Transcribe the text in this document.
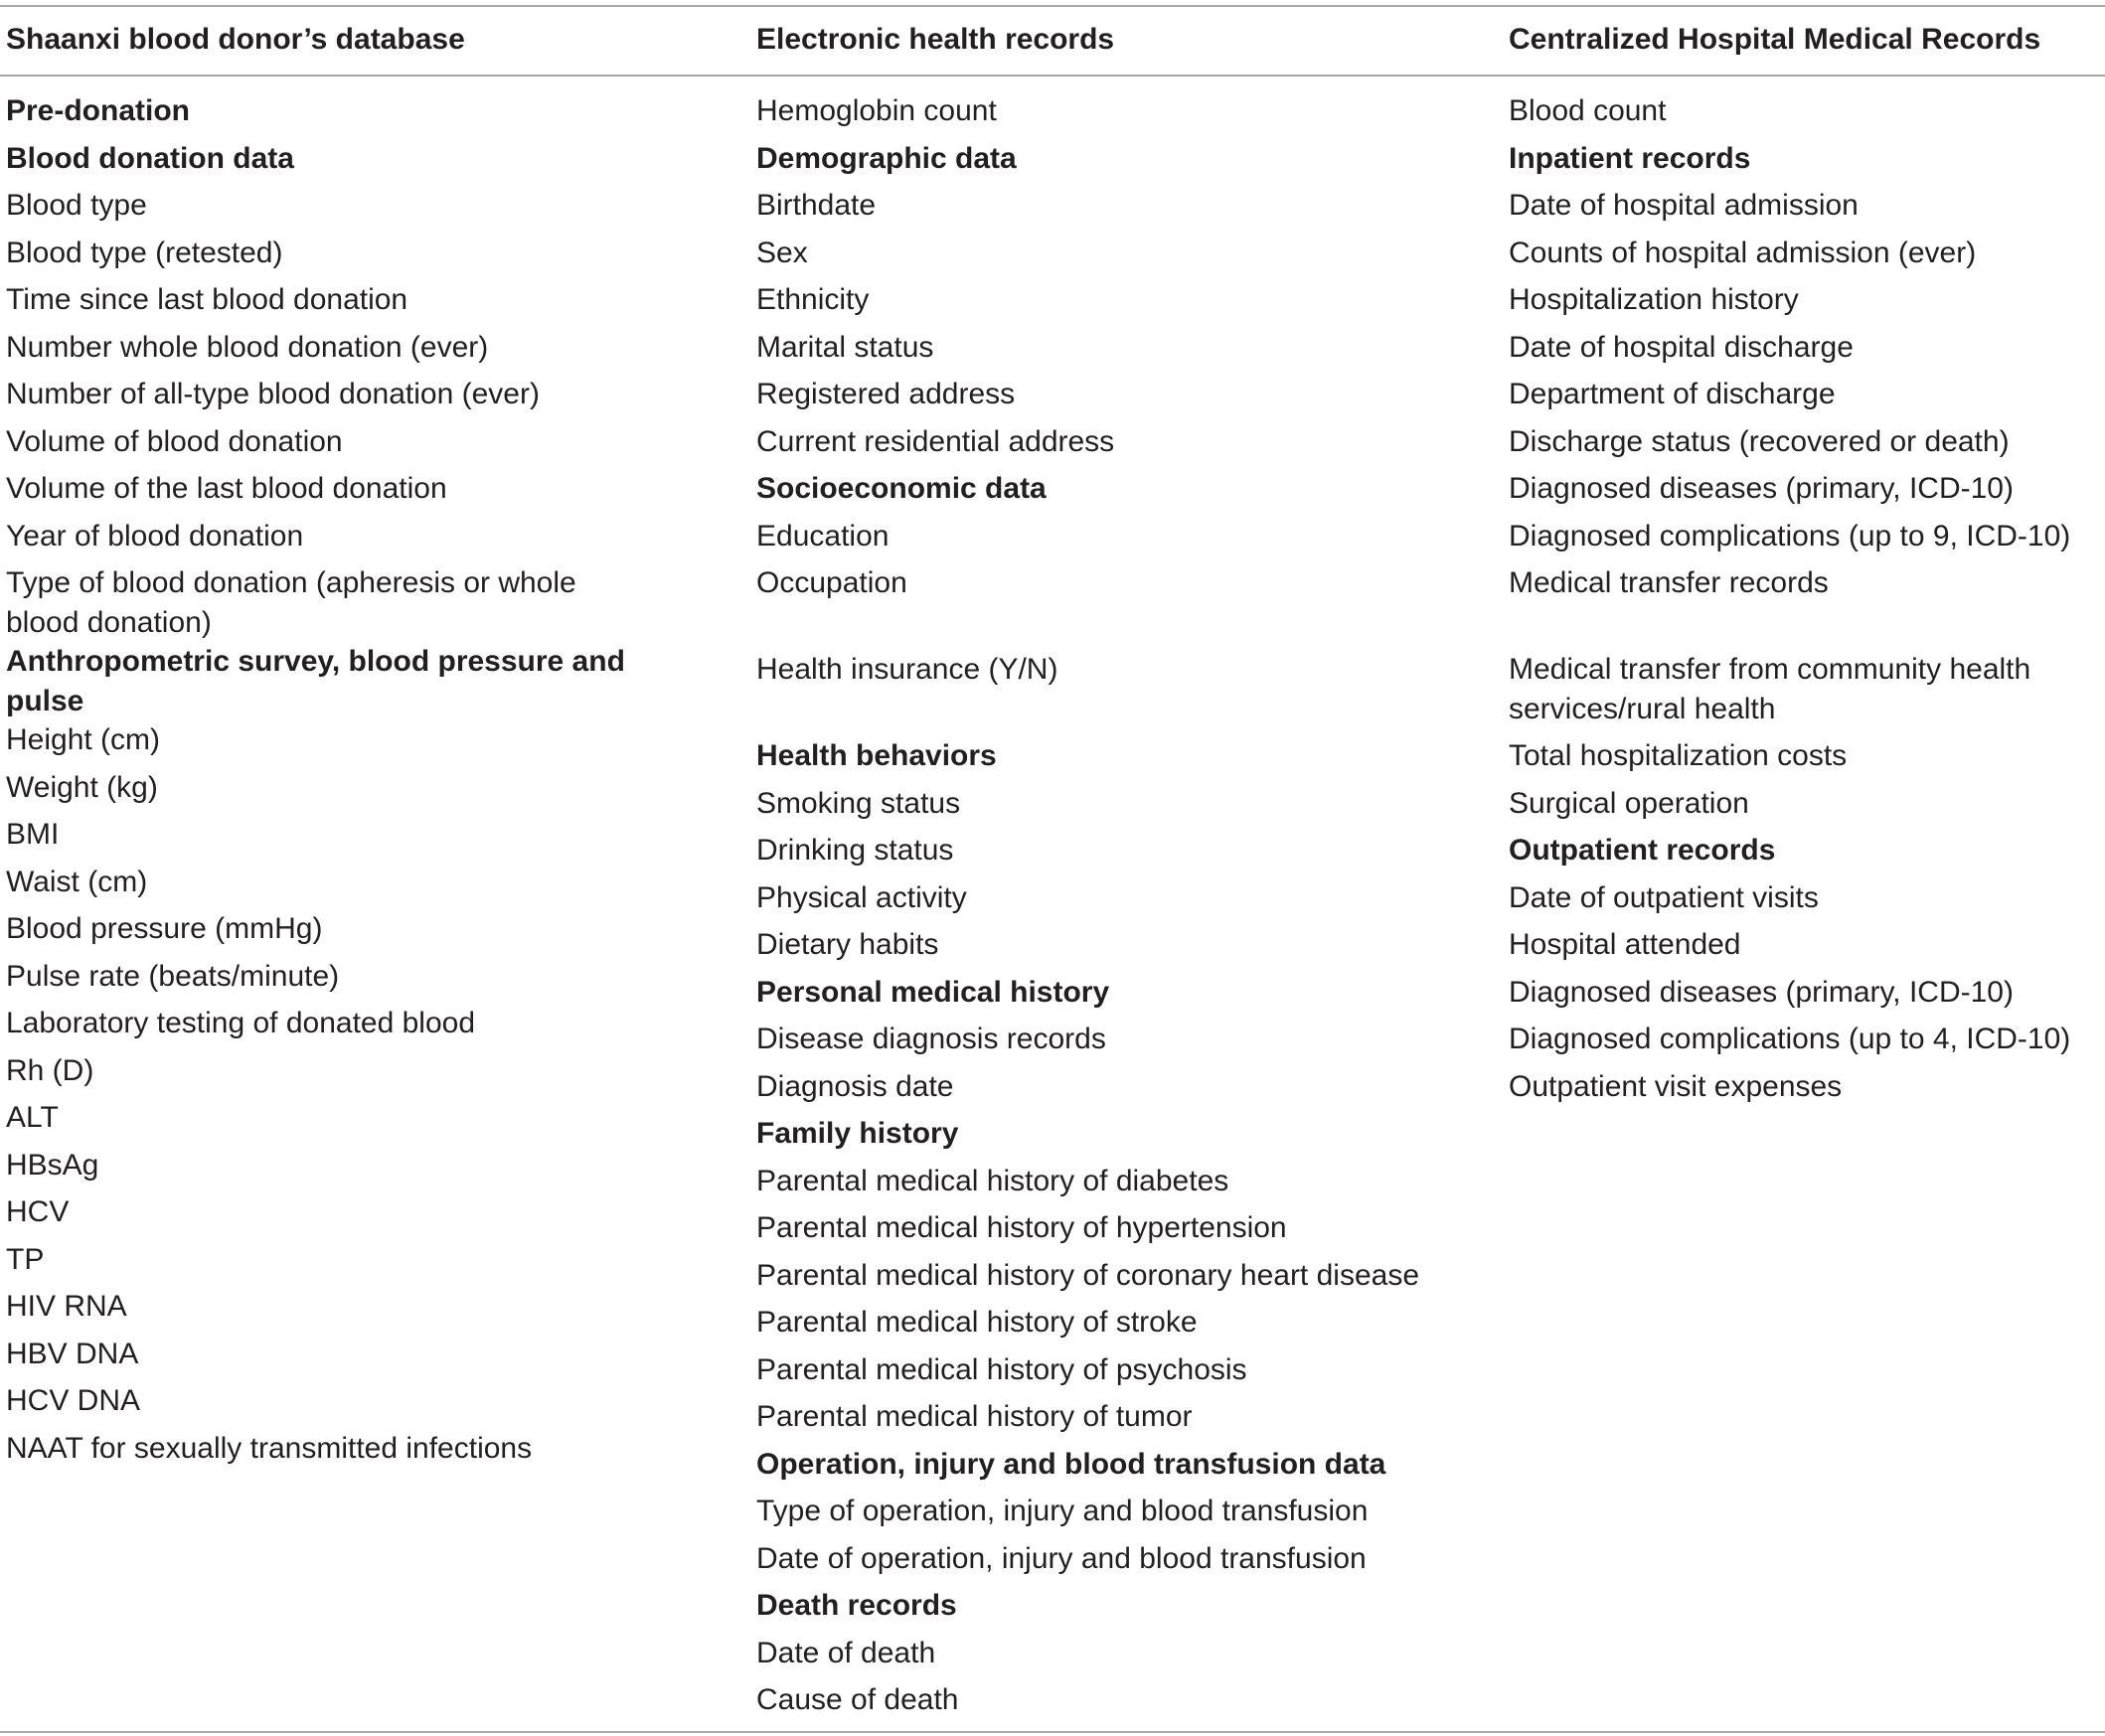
Shaanxi blood donor’s database
Pre-donation
Blood donation data
Blood type
Blood type (retested)
Time since last blood donation
Number whole blood donation (ever)
Number of all-type blood donation (ever)
Volume of blood donation
Volume of the last blood donation
Year of blood donation
Type of blood donation (apheresis or whole blood donation)
Anthropometric survey, blood pressure and pulse
Height (cm)
Weight (kg)
BMI
Waist (cm)
Blood pressure (mmHg)
Pulse rate (beats/minute)
Laboratory testing of donated blood
Rh (D)
ALT
HBsAg
HCV
TP
HIV RNA
HBV DNA
HCV DNA
NAAT for sexually transmitted infections
Electronic health records
Hemoglobin count
Demographic data
Birthdate
Sex
Ethnicity
Marital status
Registered address
Current residential address
Socioeconomic data
Education
Occupation
Health insurance (Y/N)
Health behaviors
Smoking status
Drinking status
Physical activity
Dietary habits
Personal medical history
Disease diagnosis records
Diagnosis date
Family history
Parental medical history of diabetes
Parental medical history of hypertension
Parental medical history of coronary heart disease
Parental medical history of stroke
Parental medical history of psychosis
Parental medical history of tumor
Operation, injury and blood transfusion data
Type of operation, injury and blood transfusion
Date of operation, injury and blood transfusion
Death records
Date of death
Cause of death
Centralized Hospital Medical Records
Blood count
Inpatient records
Date of hospital admission
Counts of hospital admission (ever)
Hospitalization history
Date of hospital discharge
Department of discharge
Discharge status (recovered or death)
Diagnosed diseases (primary, ICD-10)
Diagnosed complications (up to 9, ICD-10)
Medical transfer records
Medical transfer from community health services/rural health
Total hospitalization costs
Surgical operation
Outpatient records
Date of outpatient visits
Hospital attended
Diagnosed diseases (primary, ICD-10)
Diagnosed complications (up to 4, ICD-10)
Outpatient visit expenses
